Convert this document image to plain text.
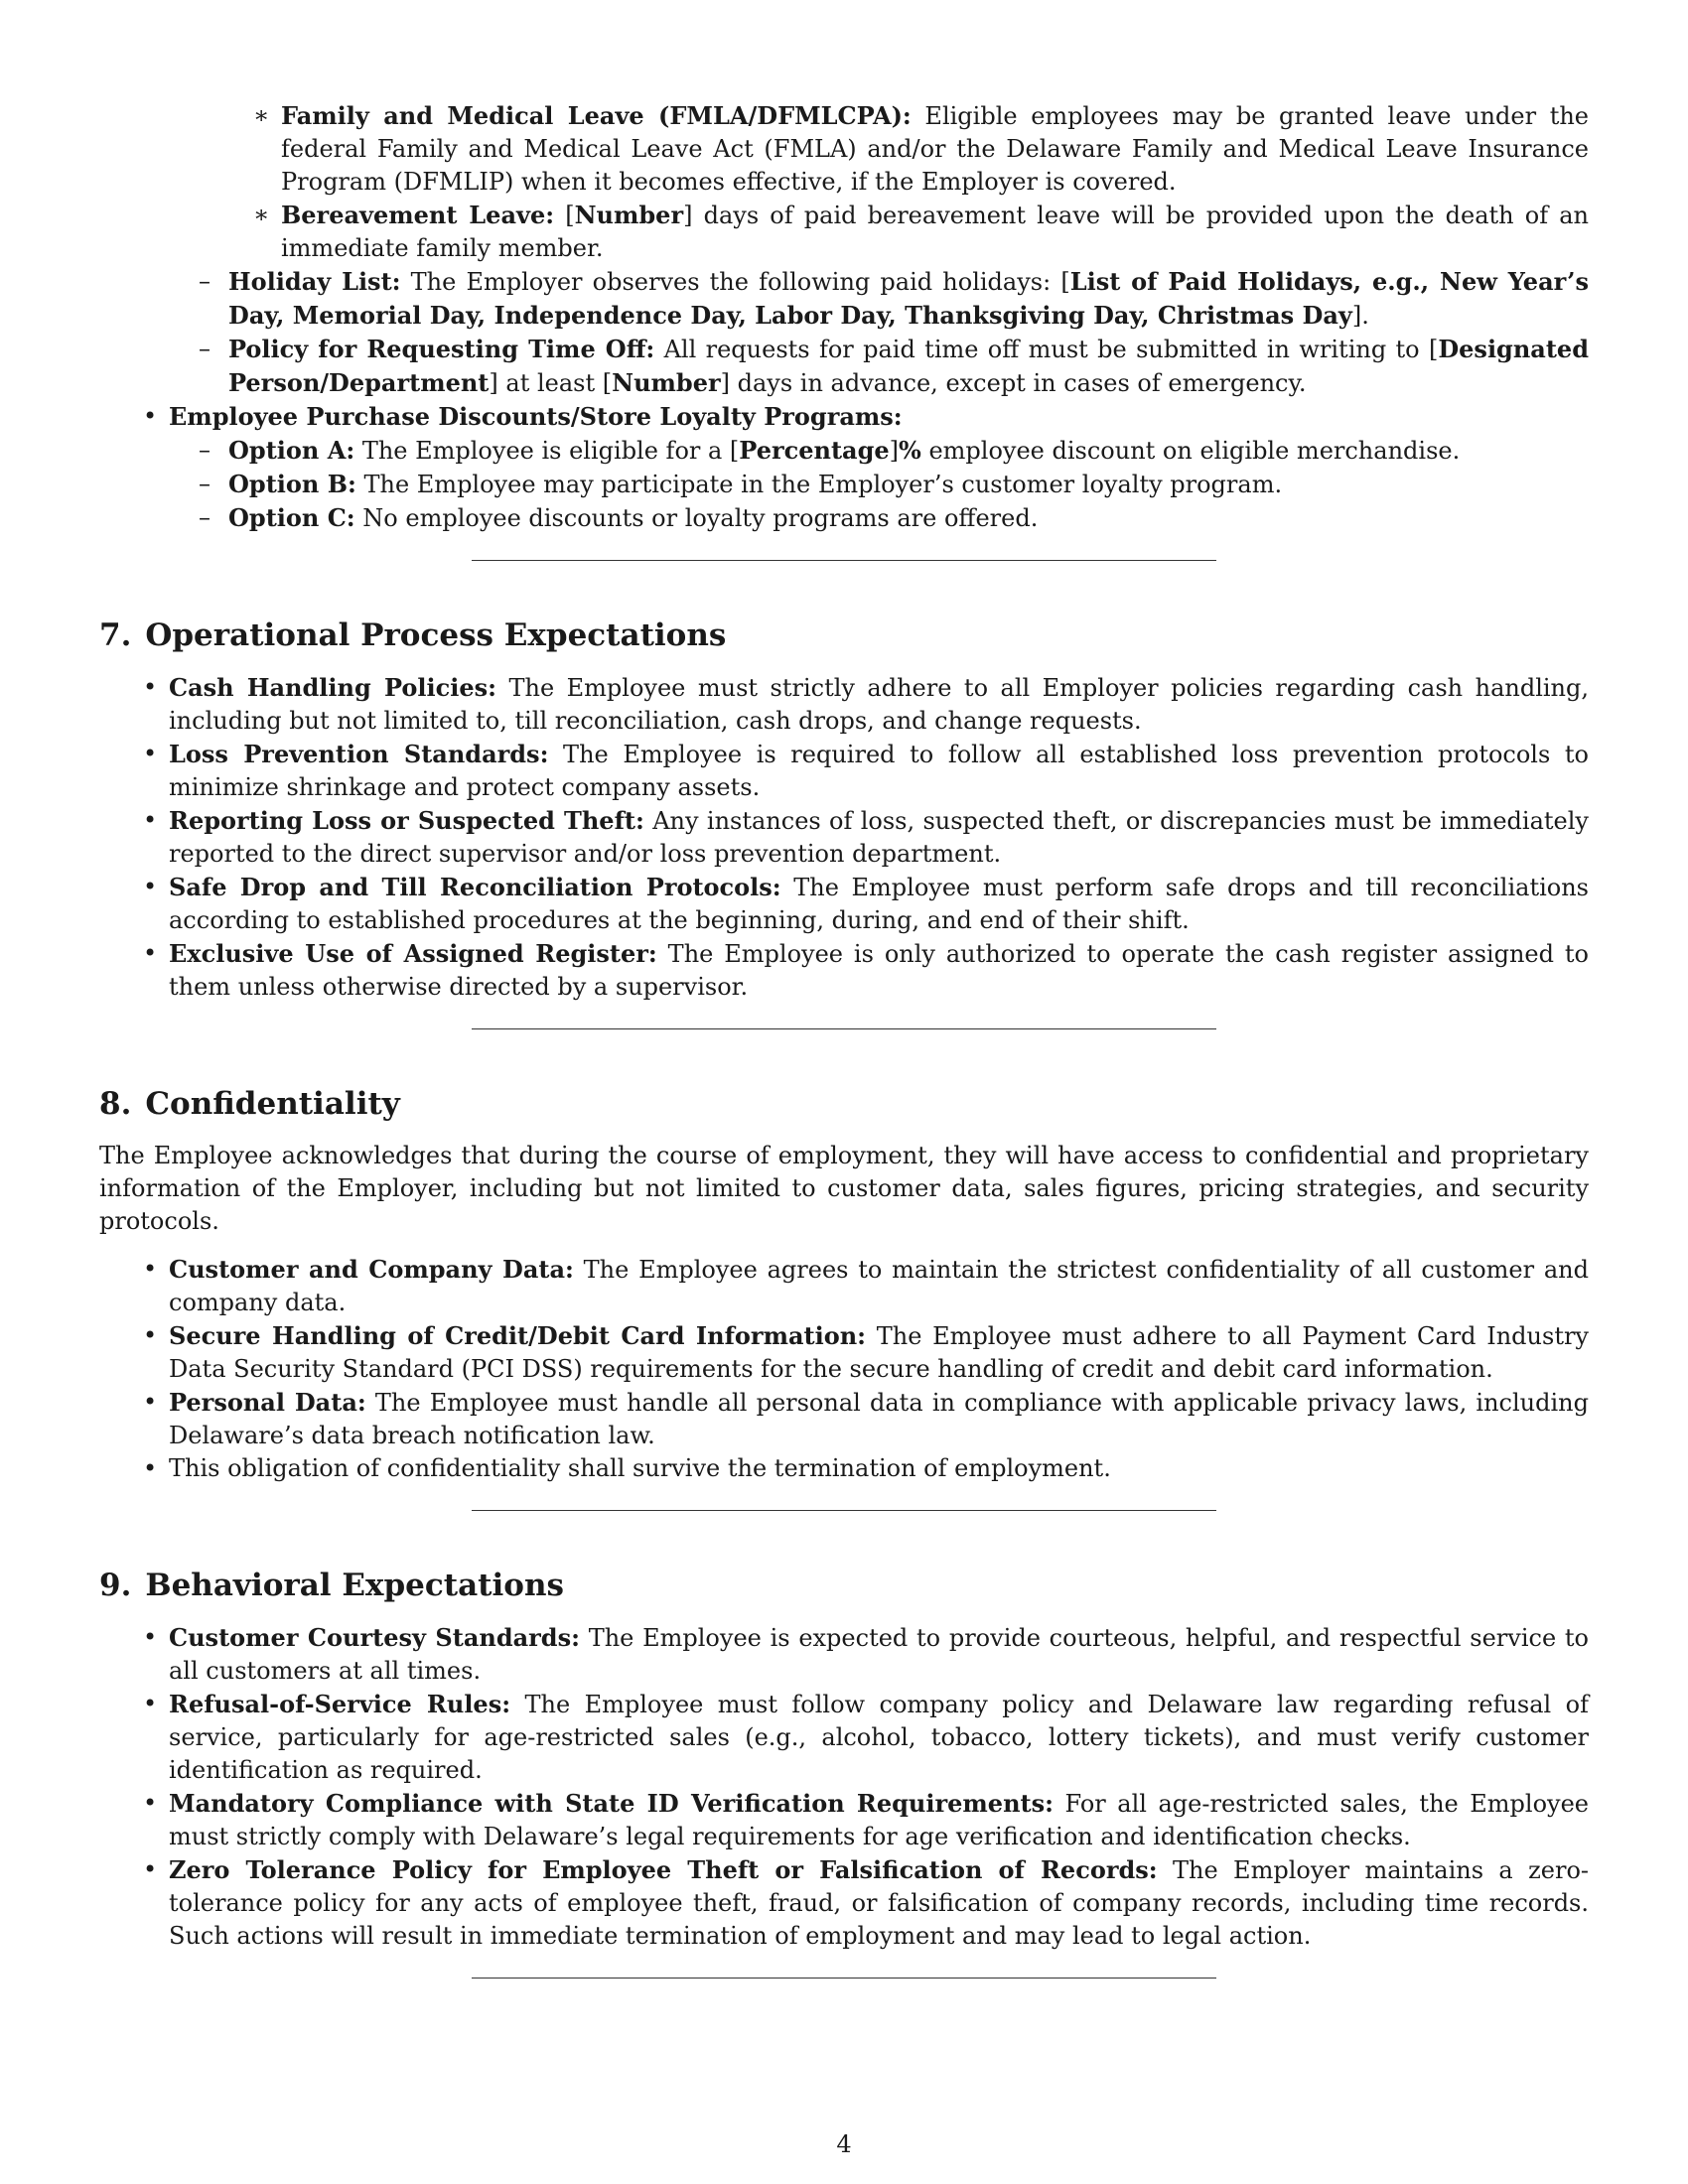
∗ Family and Medical Leave (FMLA/DFMLCPA): Eligible employees may be granted leave under the federal Family and Medical Leave Act (FMLA) and/or the Delaware Family and Medical Leave Insurance Program (DFMLIP) when it becomes effective, if the Employer is covered.
∗ Bereavement Leave: [Number] days of paid bereavement leave will be provided upon the death of an immediate family member.
– Holiday List: The Employer observes the following paid holidays: [List of Paid Holidays, e.g., New Year’s Day, Memorial Day, Independence Day, Labor Day, Thanksgiving Day, Christmas Day].
– Policy for Requesting Time Off: All requests for paid time off must be submitted in writing to [Designated Person/Department] at least [Number] days in advance, except in cases of emergency.
• Employee Purchase Discounts/Store Loyalty Programs:
– Option A: The Employee is eligible for a [Percentage]% employee discount on eligible merchandise.
– Option B: The Employee may participate in the Employer’s customer loyalty program.
– Option C: No employee discounts or loyalty programs are offered.
7. Operational Process Expectations
• Cash Handling Policies: The Employee must strictly adhere to all Employer policies regarding cash handling, including but not limited to, till reconciliation, cash drops, and change requests.
• Loss Prevention Standards: The Employee is required to follow all established loss prevention protocols to minimize shrinkage and protect company assets.
• Reporting Loss or Suspected Theft: Any instances of loss, suspected theft, or discrepancies must be immediately reported to the direct supervisor and/or loss prevention department.
• Safe Drop and Till Reconciliation Protocols: The Employee must perform safe drops and till reconciliations according to established procedures at the beginning, during, and end of their shift.
• Exclusive Use of Assigned Register: The Employee is only authorized to operate the cash register assigned to them unless otherwise directed by a supervisor.
8. Confidentiality

The Employee acknowledges that during the course of employment, they will have access to confidential and proprietary information of the Employer, including but not limited to customer data, sales figures, pricing strategies, and security protocols.

• Customer and Company Data: The Employee agrees to maintain the strictest confidentiality of all customer and company data.
• Secure Handling of Credit/Debit Card Information: The Employee must adhere to all Payment Card Industry Data Security Standard (PCI DSS) requirements for the secure handling of credit and debit card information.
• Personal Data: The Employee must handle all personal data in compliance with applicable privacy laws, including Delaware’s data breach notification law.
• This obligation of confidentiality shall survive the termination of employment.
9. Behavioral Expectations
• Customer Courtesy Standards: The Employee is expected to provide courteous, helpful, and respectful service to all customers at all times.
• Refusal-of-Service Rules: The Employee must follow company policy and Delaware law regarding refusal of service, particularly for age-restricted sales (e.g., alcohol, tobacco, lottery tickets), and must verify customer identification as required.
• Mandatory Compliance with State ID Verification Requirements: For all age-restricted sales, the Employee must strictly comply with Delaware’s legal requirements for age verification and identification checks.
• Zero Tolerance Policy for Employee Theft or Falsification of Records: The Employer maintains a zero-tolerance policy for any acts of employee theft, fraud, or falsification of company records, including time records. Such actions will result in immediate termination of employment and may lead to legal action.
4
